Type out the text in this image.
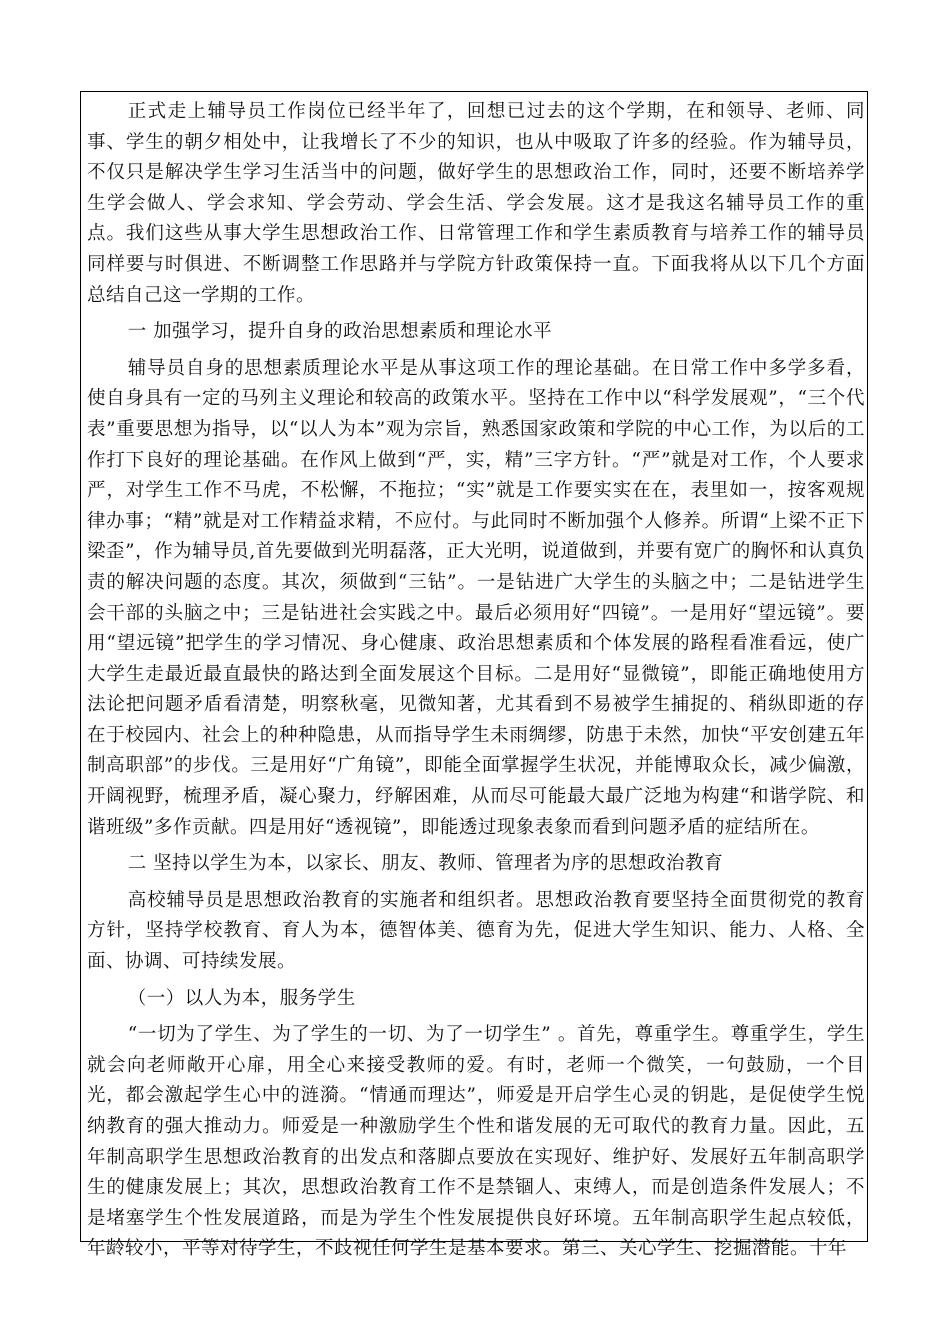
正式走上辅导员工作岗位已经半年了，回想已过去的这个学期，在和领导、老师、同事、学生的朝夕相处中，让我增长了不少的知识，也从中吸取了许多的经验。作为辅导员，不仅只是解决学生学习生活当中的问题，做好学生的思想政治工作，同时，还要不断培养学生学会做人、学会求知、学会劳动、学会生活、学会发展。这才是我这名辅导员工作的重点。我们这些从事大学生思想政治工作、日常管理工作和学生素质教育与培养工作的辅导员同样要与时俱进、不断调整工作思路并与学院方针政策保持一直。下面我将从以下几个方面总结自己这一学期的工作。

一 加强学习，提升自身的政治思想素质和理论水平

辅导员自身的思想素质理论水平是从事这项工作的理论基础。在日常工作中多学多看，使自身具有一定的马列主义理论和较高的政策水平。坚持在工作中以“科学发展观”，“三个代表”重要思想为指导，以“以人为本”观为宗旨，熟悉国家政策和学院的中心工作，为以后的工作打下良好的理论基础。在作风上做到“严，实，精”三字方针。“严”就是对工作，个人要求严，对学生工作不马虎，不松懈，不拖拉；“实”就是工作要实实在在，表里如一，按客观规律办事；“精”就是对工作精益求精，不应付。与此同时不断加强个人修养。所谓“上梁不正下梁歪”，作为辅导员,首先要做到光明磊落，正大光明，说道做到，并要有宽广的胸怀和认真负责的解决问题的态度。其次，须做到“三钻”。一是钻进广大学生的头脑之中；二是钻进学生会干部的头脑之中；三是钻进社会实践之中。最后必须用好“四镜”。一是用好“望远镜”。要用“望远镜”把学生的学习情况、身心健康、政治思想素质和个体发展的路程看准看远，使广大学生走最近最直最快的路达到全面发展这个目标。二是用好“显微镜”，即能正确地使用方法论把问题矛盾看清楚，明察秋毫，见微知著，尤其看到不易被学生捕捉的、稍纵即逝的存在于校园内、社会上的种种隐患，从而指导学生未雨绸缪，防患于未然，加快“平安创建五年制高职部”的步伐。三是用好“广角镜”，即能全面掌握学生状况，并能博取众长，减少偏激，开阔视野，梳理矛盾，凝心聚力，纾解困难，从而尽可能最大最广泛地为构建“和谐学院、和谐班级”多作贡献。四是用好“透视镜”，即能透过现象表象而看到问题矛盾的症结所在。

二 坚持以学生为本，以家长、朋友、教师、管理者为序的思想政治教育

高校辅导员是思想政治教育的实施者和组织者。思想政治教育要坚持全面贯彻党的教育方针，坚持学校教育、育人为本，德智体美、德育为先，促进大学生知识、能力、人格、全面、协调、可持续发展。

（一）以人为本，服务学生

“一切为了学生、为了学生的一切、为了一切学生” 。首先，尊重学生。尊重学生，学生就会向老师敞开心扉，用全心来接受教师的爱。有时，老师一个微笑，一句鼓励，一个目光，都会激起学生心中的涟漪。“情通而理达”，师爱是开启学生心灵的钥匙，是促使学生悦纳教育的强大推动力。师爱是一种激励学生个性和谐发展的无可取代的教育力量。因此，五年制高职学生思想政治教育的出发点和落脚点要放在实现好、维护好、发展好五年制高职学生的健康发展上；其次，思想政治教育工作不是禁锢人、束缚人，而是创造条件发展人；不是堵塞学生个性发展道路，而是为学生个性发展提供良好环境。五年制高职学生起点较低，年龄较小，平等对待学生，不歧视任何学生是基本要求。第三、关心学生、挖掘潜能。十年
